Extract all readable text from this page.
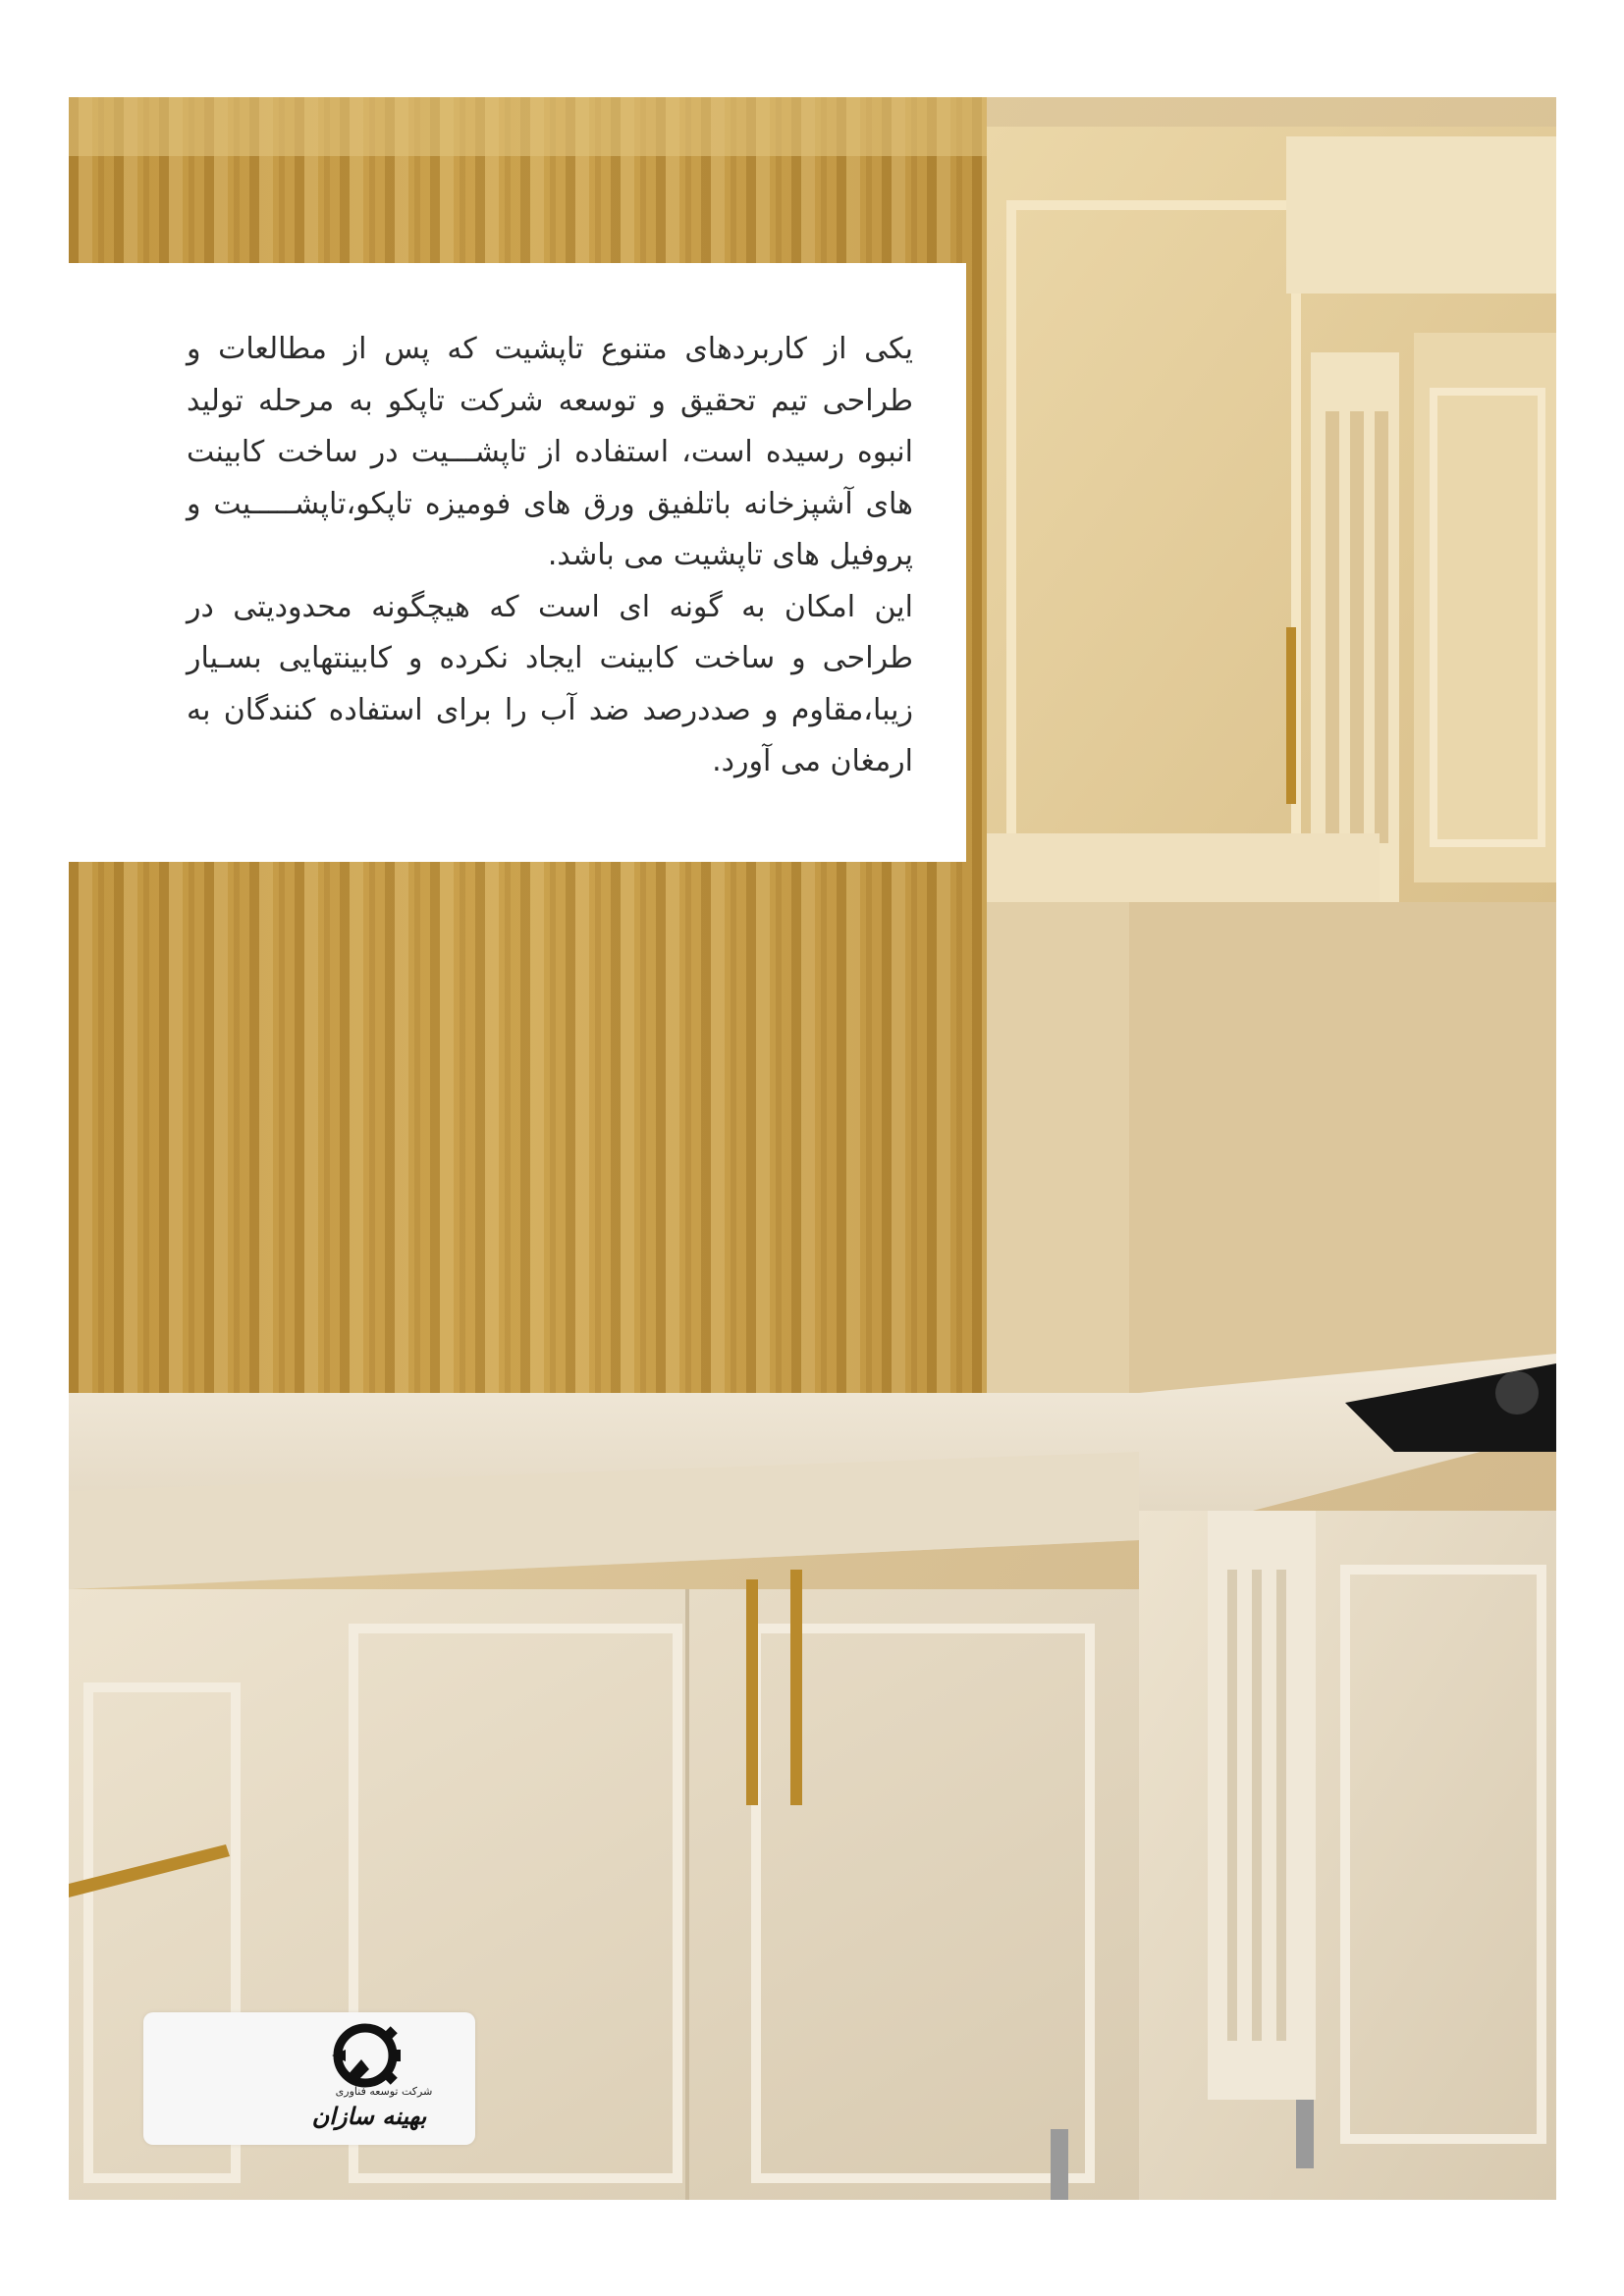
یکی از کاربردهای متنوع تاپشیت که پس از مطالعات و طراحی تیم تحقیق و توسعه شرکت تاپکو به مرحله تولید انبوه رسیده است، استفاده از تاپشـــیت در ساخت کابینت های آشپزخانه باتلفیق ورق های فومیزه تاپکو،تاپشـــــیت و پروفیل های تاپشیت می باشد.

این امکان به گونه ای است که هیچگونه محدودیتی در طراحی و ساخت کابینت ایجاد نکرده و کابینتهایی بسـیار زیبا،مقاوم و صددرصد ضد آب را برای استفاده کنندگان به ارمغان می آورد.

شرکت توسعه فناوری
بهینه سازان
